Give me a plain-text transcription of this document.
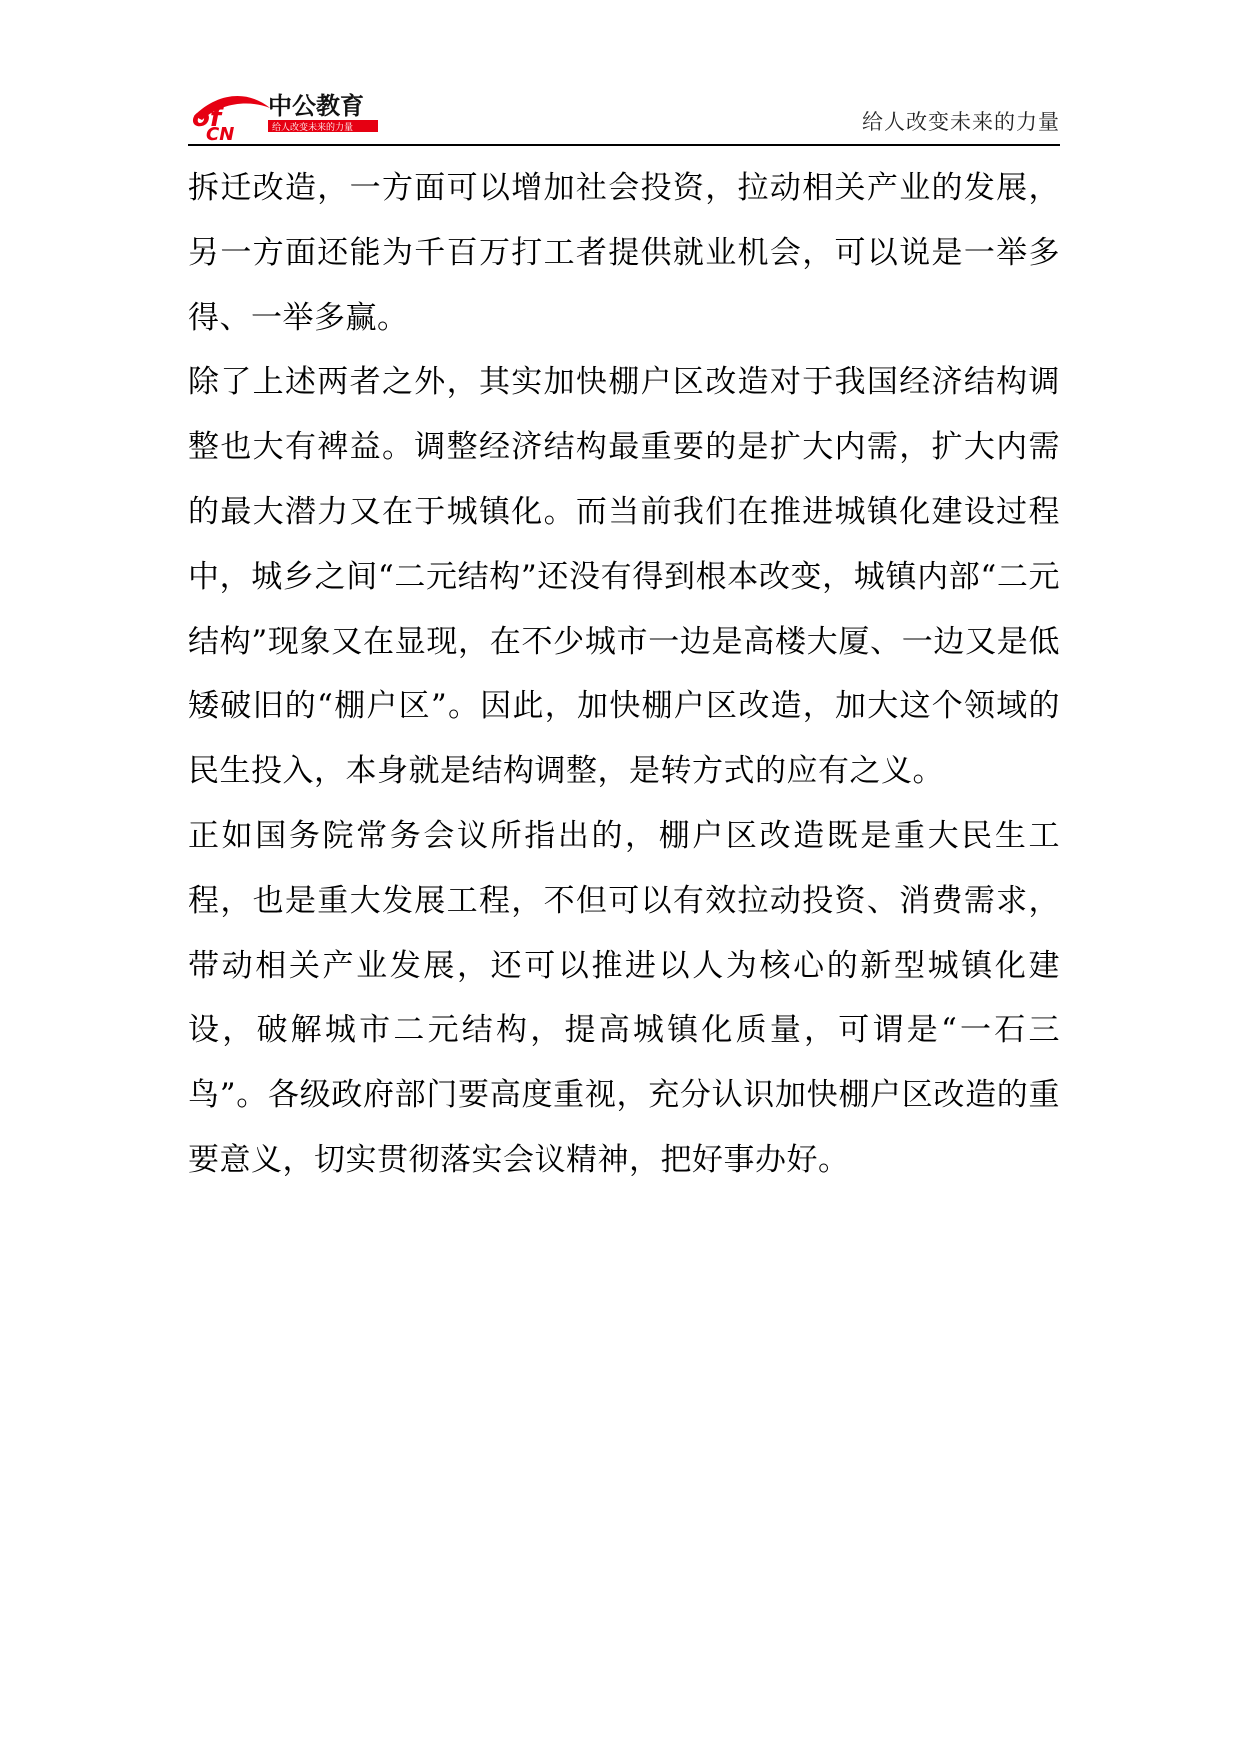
of
CN
中公教育
给人改变未来的力量	给人改变未来的力量

拆迁改造，一方面可以增加社会投资，拉动相关产业的发展，另一方面还能为千百万打工者提供就业机会，可以说是一举多得、一举多赢。

除了上述两者之外，其实加快棚户区改造对于我国经济结构调整也大有裨益。调整经济结构最重要的是扩大内需，扩大内需的最大潜力又在于城镇化。而当前我们在推进城镇化建设过程中，城乡之间“二元结构”还没有得到根本改变，城镇内部“二元结构”现象又在显现，在不少城市一边是高楼大厦、一边又是低矮破旧的“棚户区”。因此，加快棚户区改造，加大这个领域的民生投入，本身就是结构调整，是转方式的应有之义。

正如国务院常务会议所指出的，棚户区改造既是重大民生工程，也是重大发展工程，不但可以有效拉动投资、消费需求，带动相关产业发展，还可以推进以人为核心的新型城镇化建设，破解城市二元结构，提高城镇化质量，可谓是“一石三鸟”。各级政府部门要高度重视，充分认识加快棚户区改造的重要意义，切实贯彻落实会议精神，把好事办好。
